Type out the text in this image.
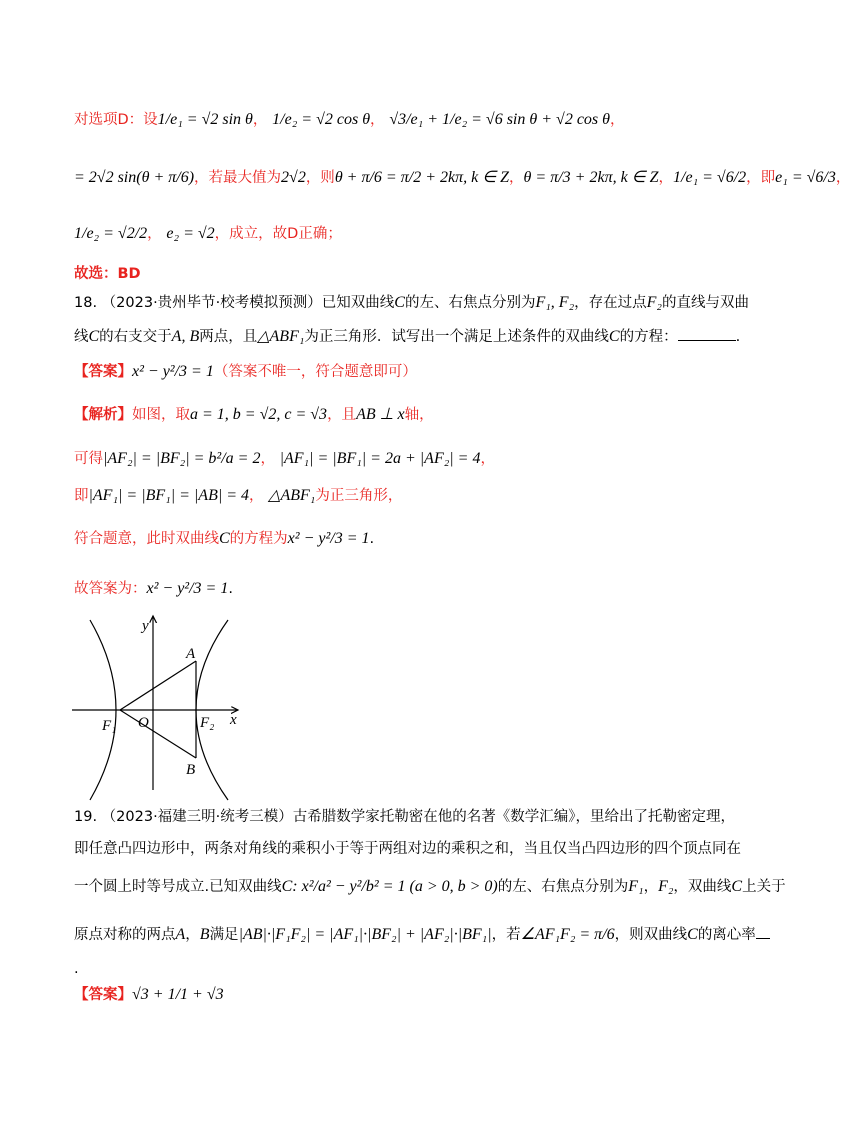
对选项D：设1/e₁ = √2 sin θ， 1/e₂ = √2 cos θ， √3/e₁ + 1/e₂ = √6 sin θ + √2 cos θ，
= 2√2 sin(θ + π/6)，若最大值为2√2，则θ + π/6 = π/2 + 2kπ, k ∈ Z，θ = π/3 + 2kπ, k ∈ Z，1/e₁ = √6/2，即e₁ = √6/3，
1/e₂ = √2/2， e₂ = √2，成立，故D正确；
故选：BD
18. （2023·贵州毕节·校考模拟预测）已知双曲线C的左、右焦点分别为F₁, F₂，存在过点F₂的直线与双曲
线C的右支交于A, B两点，且△ABF₁为正三角形．试写出一个满足上述条件的双曲线C的方程：	.
【答案】x² − y²/3 = 1（答案不唯一，符合题意即可）
【解析】如图，取a = 1, b = √2, c = √3，且AB ⊥ x轴，
可得|AF₂| = |BF₂| = b²/a = 2， |AF₁| = |BF₁| = 2a + |AF₂| = 4，
即|AF₁| = |BF₁| = |AB| = 4， △ABF₁为正三角形，
符合题意，此时双曲线C的方程为x² − y²/3 = 1.
故答案为：x² − y²/3 = 1.
y
x
A
B
O
F₁	F₂
19. （2023·福建三明·统考三模）古希腊数学家托勒密在他的名著《数学汇编》，里给出了托勒密定理，
即任意凸四边形中，两条对角线的乘积小于等于两组对边的乘积之和，当且仅当凸四边形的四个顶点同在
一个圆上时等号成立.已知双曲线C: x²/a² − y²/b² = 1 (a > 0, b > 0)的左、右焦点分别为F₁，F₂，双曲线C上关于
原点对称的两点A，B满足|AB|·|F₁F₂| = |AF₁|·|BF₂| + |AF₂|·|BF₁|，若∠AF₁F₂ = π/6，则双曲线C的离心率
.
【答案】√3 + 1/1 + √3
